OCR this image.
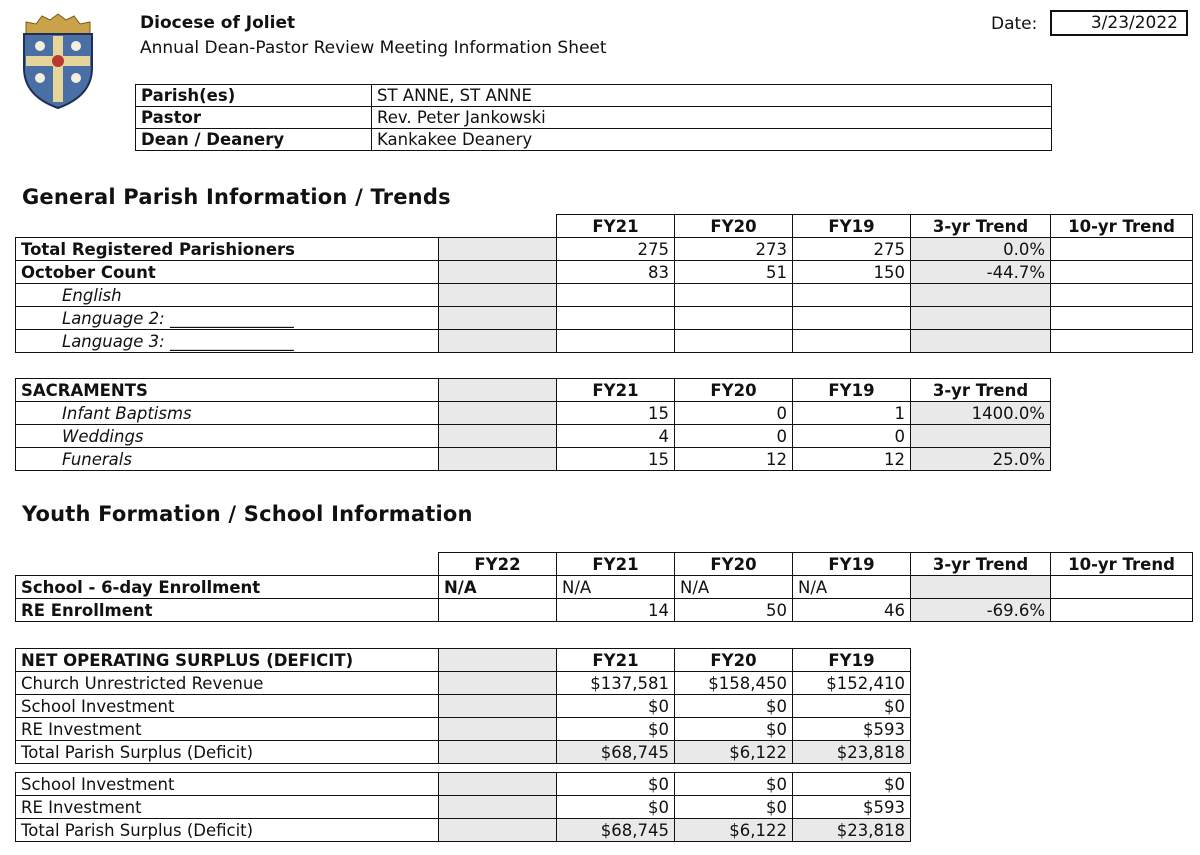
Diocese of Joliet
Annual Dean-Pastor Review Meeting Information Sheet
Date:	3/23/2022
Parish(es)	ST ANNE, ST ANNE
Pastor	Rev. Peter Jankowski
Dean / Deanery	Kankakee Deanery
General Parish Information / Trends
		FY21	FY20	FY19	3-yr Trend	10-yr Trend
Total Registered Parishioners		275	273	275	0.0%	
October Count		83	51	150	-44.7%	
English						
Language 2: _______________						
Language 3: _______________						
SACRAMENTS		FY21	FY20	FY19	3-yr Trend
Infant Baptisms		15	0	1	1400.0%
Weddings		4	0	0	
Funerals		15	12	12	25.0%
Youth Formation / School Information
	FY22	FY21	FY20	FY19	3-yr Trend	10-yr Trend
School - 6-day Enrollment	N/A	N/A	N/A	N/A		
RE Enrollment		14	50	46	-69.6%	
NET OPERATING SURPLUS (DEFICIT)		FY21	FY20	FY19
Church Unrestricted Revenue		$137,581	$158,450	$152,410
School Investment		$0	$0	$0
RE Investment		$0	$0	$593
Total Parish Surplus (Deficit)		$68,745	$6,122	$23,818
School Investment		$0	$0	$0
RE Investment		$0	$0	$593
Total Parish Surplus (Deficit)		$68,745	$6,122	$23,818
